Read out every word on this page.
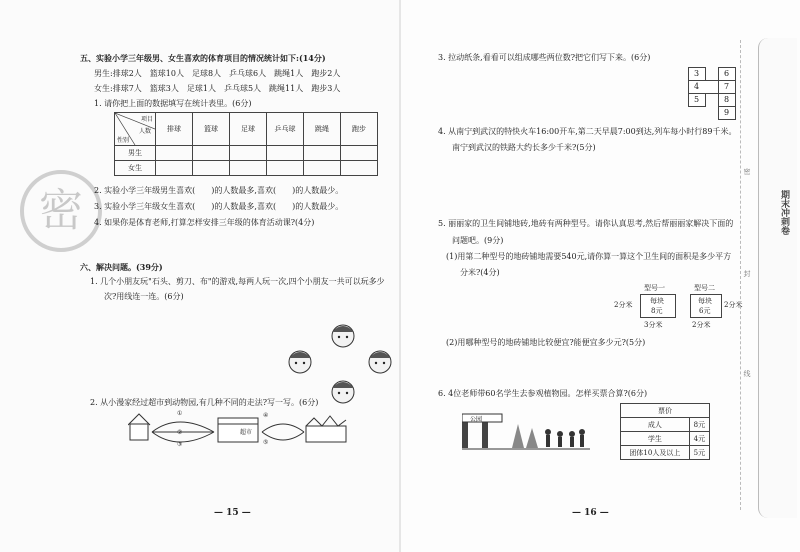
五、实验小学三年级男、女生喜欢的体育项目的情况统计如下:(14分)
男生:排球2人　篮球10人　足球8人　乒乓球6人　跳绳1人　跑步2人
女生:排球7人　篮球3人　足球1人　乒乓球5人　跳绳11人　跑步3人
1. 请你把上面的数据填写在统计表里。(6分)
项目
人数
性别	排球	篮球	足球	乒乓球	跳绳	跑步
男生						
女生						
密	2. 实验小学三年级男生喜欢(　　)的人数最多,喜欢(　　)的人数最少。
3. 实验小学三年级女生喜欢(　　)的人数最多,喜欢(　　)的人数最少。
4. 如果你是体育老师,打算怎样安排三年级的体育活动课?(4分)
六、解决问题。(39分)
1. 几个小朋友玩"石头、剪刀、布"的游戏,每两人玩一次,四个小朋友一共可以玩多少
次?用线连一连。(6分)
2. 从小漫家经过超市到动物园,有几种不同的走法?写一写。(6分)
①
②
③
④
⑤
超市
— 15 —
3. 拉动纸条,看看可以组成哪些两位数?把它们写下来。(6分)
3
4
5
6
7
8
9
4. 从南宁到武汉的特快火车16:00开车,第二天早晨7:00到达,列车每小时行89千米。
南宁到武汉的铁路大约长多少千米?(5分)
5. 丽丽家的卫生间铺地砖,地砖有两种型号。请你认真思考,然后帮丽丽家解决下面的
问题吧。(9分)
(1)用第二种型号的地砖铺地需要540元,请你算一算这个卫生间的面积是多少平方
分米?(4分)
型号一
每块
8元
2分米
3分米
型号二
每块
6元
2分米
2分米
(2)用哪种型号的地砖铺地比较便宜?能便宜多少元?(5分)
6. 4位老师带60名学生去参观植物园。怎样买票合算?(6分)
公园
票价	
成人	8元
学生	4元
团体10人及以上	5元
— 16 —
期末冲刺卷
密
封
线
